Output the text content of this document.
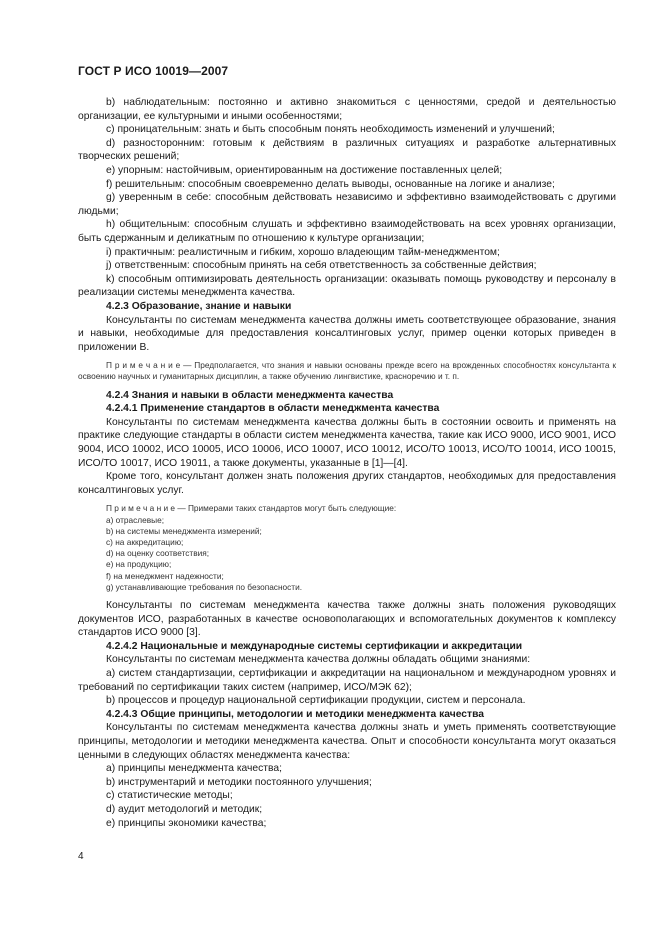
ГОСТ Р ИСО 10019—2007

b) наблюдательным: постоянно и активно знакомиться с ценностями, средой и деятельностью организации, ее культурными и иными особенностями;

c) проницательным: знать и быть способным понять необходимость изменений и улучшений;

d) разносторонним: готовым к действиям в различных ситуациях и разработке альтернативных творческих решений;

e) упорным: настойчивым, ориентированным на достижение поставленных целей;

f) решительным: способным своевременно делать выводы, основанные на логике и анализе;

g) уверенным в себе: способным действовать независимо и эффективно взаимодействовать с другими людьми;

h) общительным: способным слушать и эффективно взаимодействовать на всех уровнях организации, быть сдержанным и деликатным по отношению к культуре организации;

i) практичным: реалистичным и гибким, хорошо владеющим тайм-менеджментом;

j) ответственным: способным принять на себя ответственность за собственные действия;

k) способным оптимизировать деятельность организации: оказывать помощь руководству и персоналу в реализации системы менеджмента качества.

4.2.3 Образование, знание и навыки

Консультанты по системам менеджмента качества должны иметь соответствующее образование, знания и навыки, необходимые для предоставления консалтинговых услуг, пример оценки которых приведен в приложении В.

П р и м е ч а н и е — Предполагается, что знания и навыки основаны прежде всего на врожденных способностях консультанта к освоению научных и гуманитарных дисциплин, а также обучению лингвистике, красноречию и т. п.

4.2.4 Знания и навыки в области менеджмента качества

4.2.4.1 Применение стандартов в области менеджмента качества

Консультанты по системам менеджмента качества должны быть в состоянии освоить и применять на практике следующие стандарты в области систем менеджмента качества, такие как ИСО 9000, ИСО 9001, ИСО 9004, ИСО 10002, ИСО 10005, ИСО 10006, ИСО 10007, ИСО 10012, ИСО/ТО 10013, ИСО/ТО 10014, ИСО 10015, ИСО/ТО 10017, ИСО 19011, а также документы, указанные в [1]—[4].

Кроме того, консультант должен знать положения других стандартов, необходимых для предоставления консалтинговых услуг.

П р и м е ч а н и е — Примерами таких стандартов могут быть следующие:

a) отраслевые;

b) на системы менеджмента измерений;

c) на аккредитацию;

d) на оценку соответствия;

e) на продукцию;

f) на менеджмент надежности;

g) устанавливающие требования по безопасности.

Консультанты по системам менеджмента качества также должны знать положения руководящих документов ИСО, разработанных в качестве основополагающих и вспомогательных документов к комплексу стандартов ИСО 9000 [3].

4.2.4.2 Национальные и международные системы сертификации и аккредитации

Консультанты по системам менеджмента качества должны обладать общими знаниями:

a) систем стандартизации, сертификации и аккредитации на национальном и международном уровнях и требований по сертификации таких систем (например, ИСО/МЭК 62);

b) процессов и процедур национальной сертификации продукции, систем и персонала.

4.2.4.3 Общие принципы, методологии и методики менеджмента качества

Консультанты по системам менеджмента качества должны знать и уметь применять соответствующие принципы, методологии и методики менеджмента качества. Опыт и способности консультанта могут оказаться ценными в следующих областях менеджмента качества:

a) принципы менеджмента качества;

b) инструментарий и методики постоянного улучшения;

c) статистические методы;

d) аудит методологий и методик;

e) принципы экономики качества;

4
